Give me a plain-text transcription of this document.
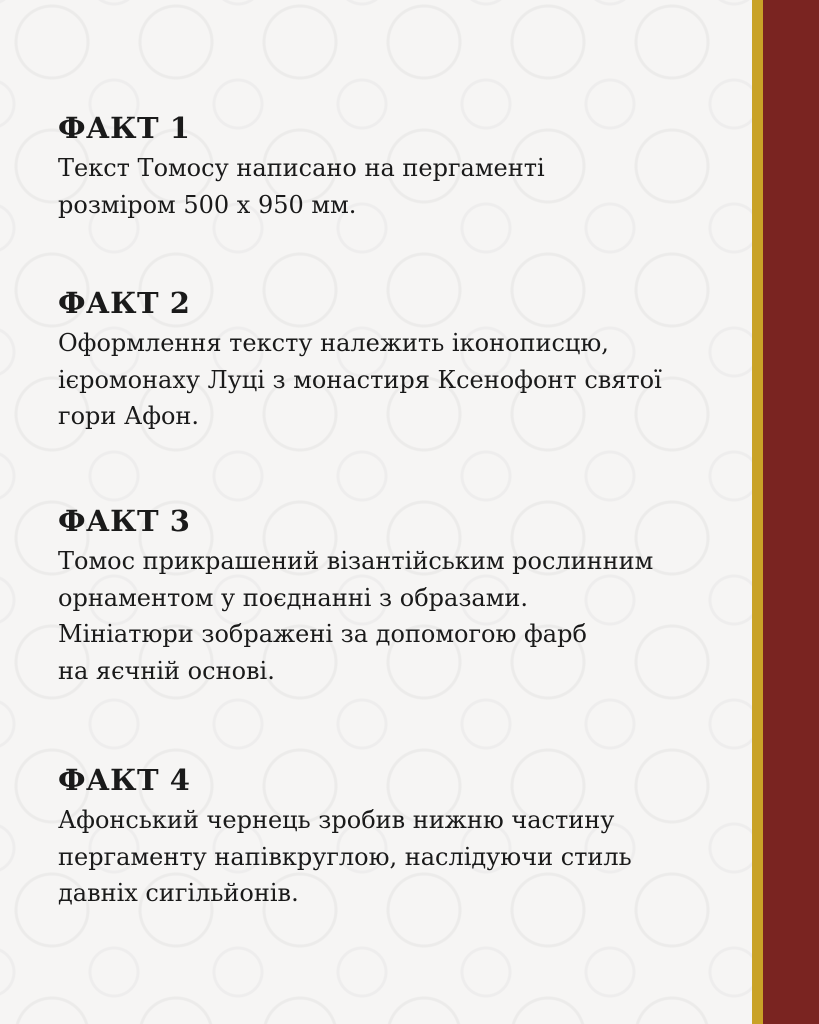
ФАКТ 1

Текст Томосу написано на пергаменті
розміром 500 х 950 мм.

ФАКТ 2

Оформлення тексту належить іконописцю,
ієромонаху Луці з монастиря Ксенофонт святої
гори Афон.

ФАКТ 3

Томос прикрашений візантійським рослинним
орнаментом у поєднанні з образами.
Мініатюри зображені за допомогою фарб
на яєчній основі.

ФАКТ 4

Афонський чернець зробив нижню частину
пергаменту напівкруглою, наслідуючи стиль
давніх сигільйонів.
